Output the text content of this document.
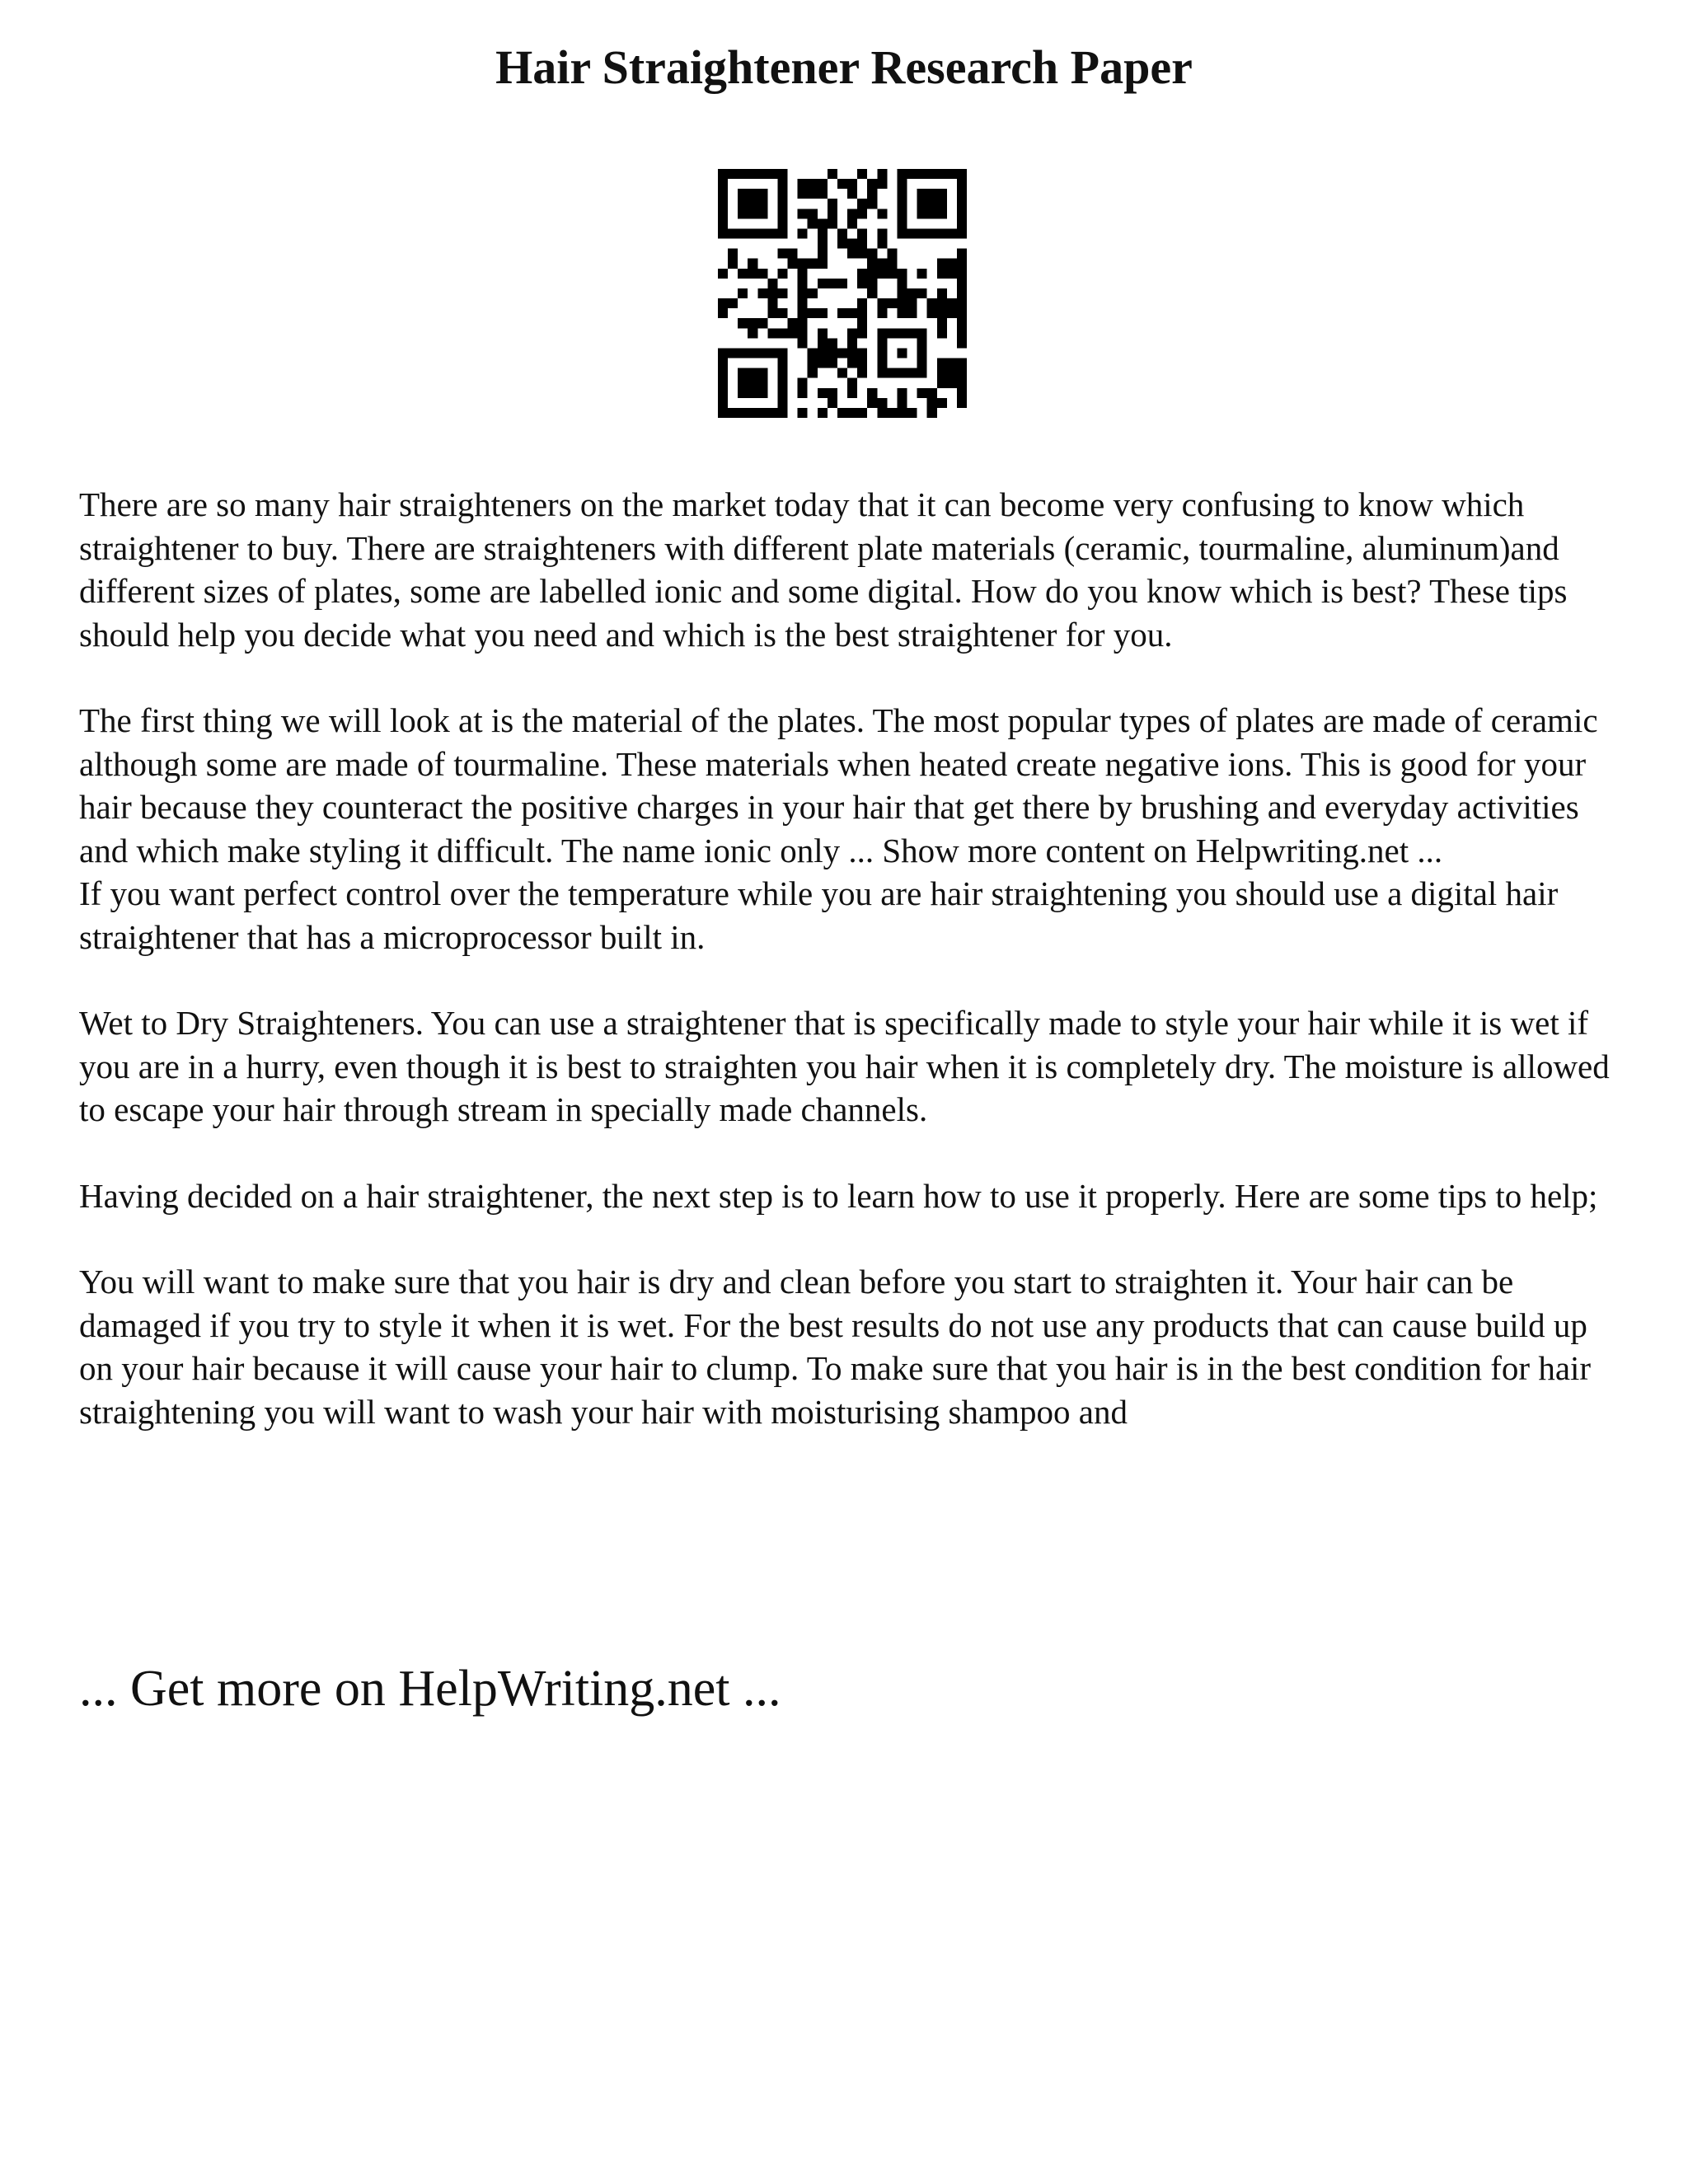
Hair Straightener Research Paper

There are so many hair straighteners on the market today that it can become very confusing to know which straightener to buy. There are straighteners with different plate materials (ceramic, tourmaline, aluminum)and different sizes of plates, some are labelled ionic and some digital. How do you know which is best? These tips should help you decide what you need and which is the best straightener for you.

The first thing we will look at is the material of the plates. The most popular types of plates are made of ceramic although some are made of tourmaline. These materials when heated create negative ions. This is good for your hair because they counteract the positive charges in your hair that get there by brushing and everyday activities and which make styling it difficult. The name ionic only ... Show more content on Helpwriting.net ...

If you want perfect control over the temperature while you are hair straightening you should use a digital hair straightener that has a microprocessor built in.

Wet to Dry Straighteners. You can use a straightener that is specifically made to style your hair while it is wet if you are in a hurry, even though it is best to straighten you hair when it is completely dry. The moisture is allowed to escape your hair through stream in specially made channels.

Having decided on a hair straightener, the next step is to learn how to use it properly. Here are some tips to help;

You will want to make sure that you hair is dry and clean before you start to straighten it. Your hair can be damaged if you try to style it when it is wet. For the best results do not use any products that can cause build up on your hair because it will cause your hair to clump. To make sure that you hair is in the best condition for hair straightening you will want to wash your hair with moisturising shampoo and

... Get more on HelpWriting.net ...
